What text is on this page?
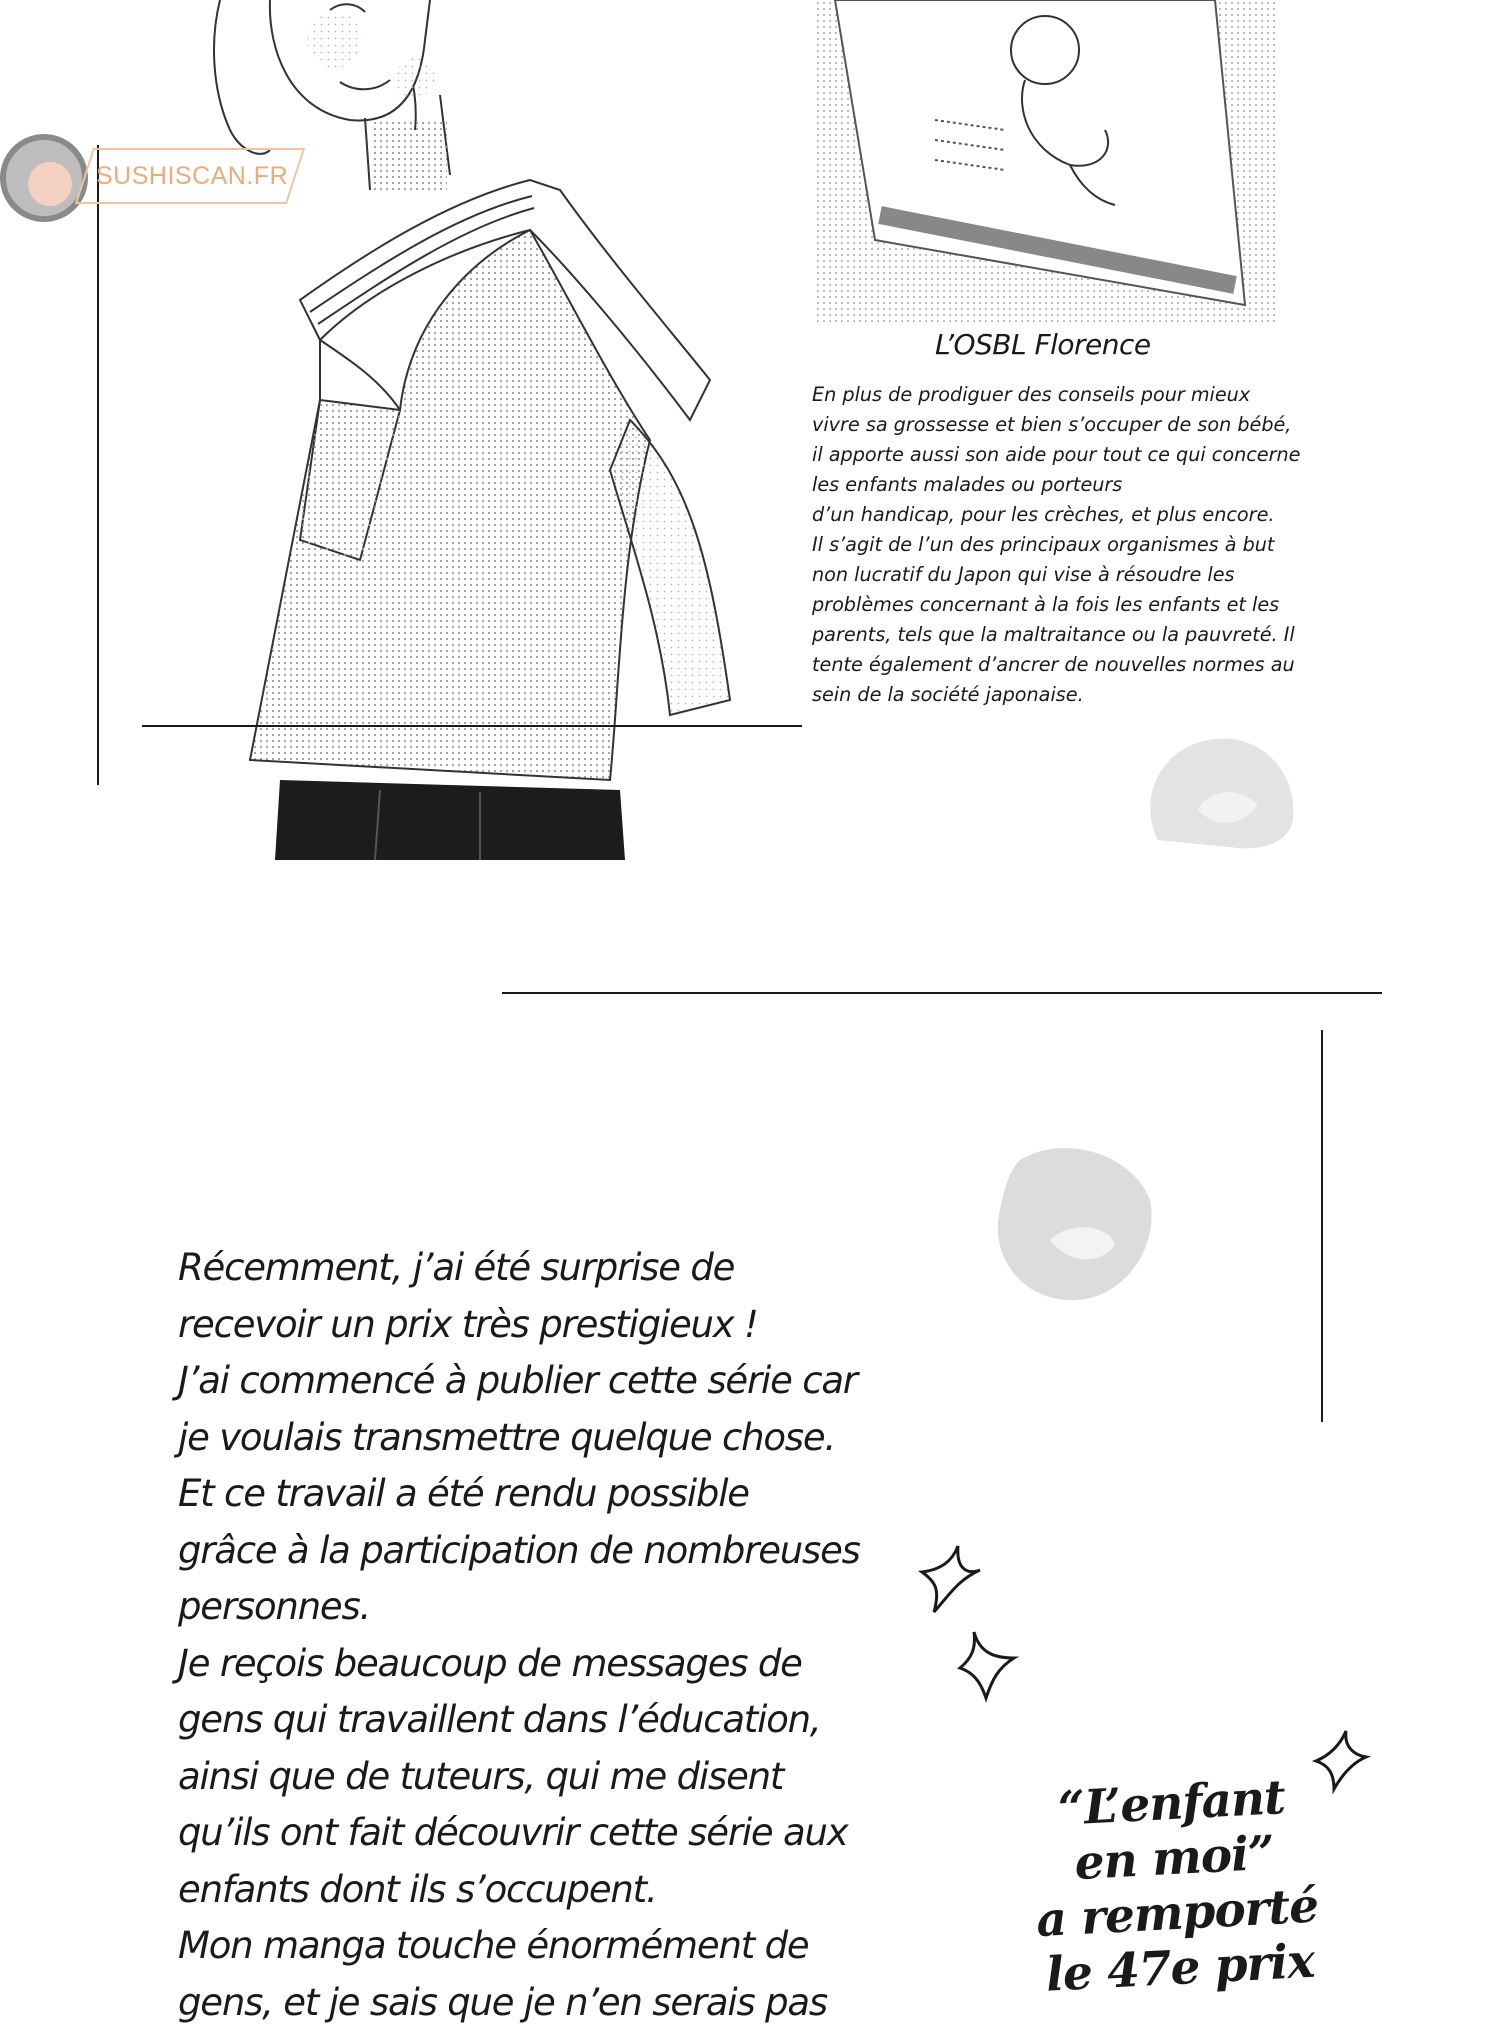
SUSHISCAN.FR
L’OSBL Florence
En plus de prodiguer des conseils pour mieux
vivre sa grossesse et bien s’occuper de son bébé,
il apporte aussi son aide pour tout ce qui concerne
les enfants malades ou porteurs
d’un handicap, pour les crèches, et plus encore.
Il s’agit de l’un des principaux organismes à but
non lucratif du Japon qui vise à résoudre les
problèmes concernant à la fois les enfants et les
parents, tels que la maltraitance ou la pauvreté. Il
tente également d’ancrer de nouvelles normes au
sein de la société japonaise.
Récemment, j’ai été surprise de
recevoir un prix très prestigieux !
J’ai commencé à publier cette série car
je voulais transmettre quelque chose.
Et ce travail a été rendu possible
grâce à la participation de nombreuses
personnes.
Je reçois beaucoup de messages de
gens qui travaillent dans l’éducation,
ainsi que de tuteurs, qui me disent
qu’ils ont fait découvrir cette série aux
enfants dont ils s’occupent.
Mon manga touche énormément de
gens, et je sais que je n’en serais pas
“L’enfant
en moi”
a remporté
le 47e prix
